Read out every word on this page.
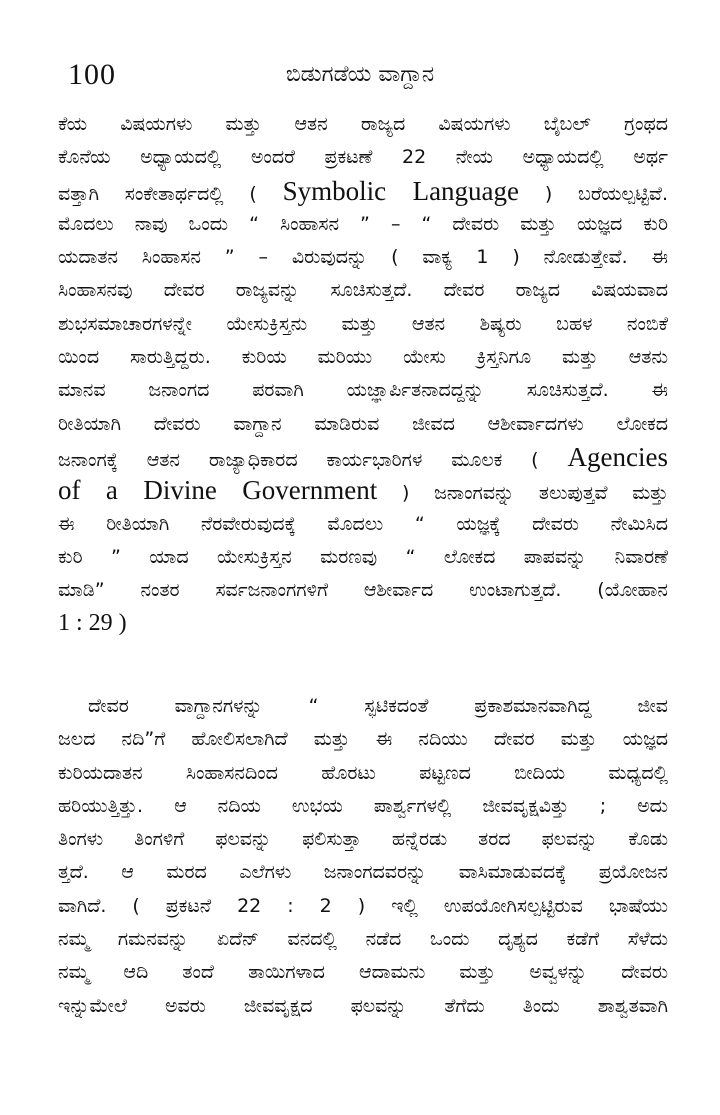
100	ಬಿಡುಗಡೆಯ ವಾಗ್ದಾನ
ಕೆಯ ವಿಷಯಗಳು ಮತ್ತು ಆತನ ರಾಜ್ಯದ ವಿಷಯಗಳು ಬೈಬಲ್ ಗ್ರಂಥದ
ಕೊನೆಯ ಅಧ್ಯಾಯದಲ್ಲಿ ಅಂದರೆ ಪ್ರಕಟಣೆ 22 ನೇಯ ಅಧ್ಯಾಯದಲ್ಲಿ ಅರ್ಥ
ವತ್ತಾಗಿ ಸಂಕೇತಾರ್ಥದಲ್ಲಿ ( Symbolic Language ) ಬರೆಯಲ್ಪಟ್ಟಿವೆ.
ಮೊದಲು ನಾವು ಒಂದು “ ಸಿಂಹಾಸನ ” – “ ದೇವರು ಮತ್ತು ಯಜ್ಞದ ಕುರಿ
ಯದಾತನ ಸಿಂಹಾಸನ ” – ವಿರುವುದನ್ನು ( ವಾಕ್ಯ 1 ) ನೋಡುತ್ತೇವೆ. ಈ
ಸಿಂಹಾಸನವು ದೇವರ ರಾಜ್ಯವನ್ನು ಸೂಚಿಸುತ್ತದೆ. ದೇವರ ರಾಜ್ಯದ ವಿಷಯವಾದ
ಶುಭಸಮಾಚಾರಗಳನ್ನೇ ಯೇಸುಕ್ರಿಸ್ತನು ಮತ್ತು ಆತನ ಶಿಷ್ಯರು ಬಹಳ ನಂಬಿಕೆ
ಯಿಂದ ಸಾರುತ್ತಿದ್ದರು. ಕುರಿಯ ಮರಿಯು ಯೇಸು ಕ್ರಿಸ್ತನಿಗೂ ಮತ್ತು ಆತನು
ಮಾನವ ಜನಾಂಗದ ಪರವಾಗಿ ಯಜ್ಞಾರ್ಪಿತನಾದದ್ದನ್ನು ಸೂಚಿಸುತ್ತದೆ. ಈ
ರೀತಿಯಾಗಿ ದೇವರು ವಾಗ್ದಾನ ಮಾಡಿರುವ ಜೀವದ ಆಶೀರ್ವಾದಗಳು ಲೋಕದ
ಜನಾಂಗಕ್ಕೆ ಆತನ ರಾಜ್ಯಾಧಿಕಾರದ ಕಾರ್ಯಭಾರಿಗಳ ಮೂಲಕ ( Agencies
of a Divine Government ) ಜನಾಂಗವನ್ನು ತಲುಪುತ್ತವೆ ಮತ್ತು
ಈ ರೀತಿಯಾಗಿ ನೆರವೇರುವುದಕ್ಕೆ ಮೊದಲು “ ಯಜ್ಞಕ್ಕೆ ದೇವರು ನೇಮಿಸಿದ
ಕುರಿ ” ಯಾದ ಯೇಸುಕ್ರಿಸ್ತನ ಮರಣವು “ ಲೋಕದ ಪಾಪವನ್ನು ನಿವಾರಣೆ
ಮಾಡಿ” ನಂತರ ಸರ್ವಜನಾಂಗಗಳಿಗೆ ಆಶೀರ್ವಾದ ಉಂಟಾಗುತ್ತದೆ. (ಯೋಹಾನ
1 : 29 )
ದೇವರ ವಾಗ್ದಾನಗಳನ್ನು “ ಸ್ಫಟಿಕದಂತೆ ಪ್ರಕಾಶಮಾನವಾಗಿದ್ದ ಜೀವ
ಜಲದ ನದಿ”ಗೆ ಹೋಲಿಸಲಾಗಿದೆ ಮತ್ತು ಈ ನದಿಯು ದೇವರ ಮತ್ತು ಯಜ್ಞದ
ಕುರಿಯದಾತನ ಸಿಂಹಾಸನದಿಂದ ಹೊರಟು ಪಟ್ಟಣದ ಬೀದಿಯ ಮಧ್ಯದಲ್ಲಿ
ಹರಿಯುತ್ತಿತ್ತು. ಆ ನದಿಯ ಉಭಯ ಪಾರ್ಶ್ವಗಳಲ್ಲಿ ಜೀವವೃಕ್ಷವಿತ್ತು ; ಅದು
ತಿಂಗಳು ತಿಂಗಳಿಗೆ ಫಲವನ್ನು ಫಲಿಸುತ್ತಾ ಹನ್ನೆರಡು ತರದ ಫಲವನ್ನು ಕೊಡು
ತ್ತದೆ. ಆ ಮರದ ಎಲೆಗಳು ಜನಾಂಗದವರನ್ನು ವಾಸಿಮಾಡುವದಕ್ಕೆ ಪ್ರಯೋಜನ
ವಾಗಿದೆ. ( ಪ್ರಕಟನೆ 22 : 2 ) ಇಲ್ಲಿ ಉಪಯೋಗಿಸಲ್ಪಟ್ಟಿರುವ ಭಾಷೆಯು
ನಮ್ಮ ಗಮನವನ್ನು ಏದೆನ್ ವನದಲ್ಲಿ ನಡೆದ ಒಂದು ದೃಶ್ಯದ ಕಡೆಗೆ ಸೆಳೆದು
ನಮ್ಮ ಆದಿ ತಂದೆ ತಾಯಿಗಳಾದ ಆದಾಮನು ಮತ್ತು ಅವ್ವಳನ್ನು ದೇವರು
ಇನ್ನುಮೇಲೆ ಅವರು ಜೀವವೃಕ್ಷದ ಫಲವನ್ನು ತೆಗೆದು ತಿಂದು ಶಾಶ್ವತವಾಗಿ
